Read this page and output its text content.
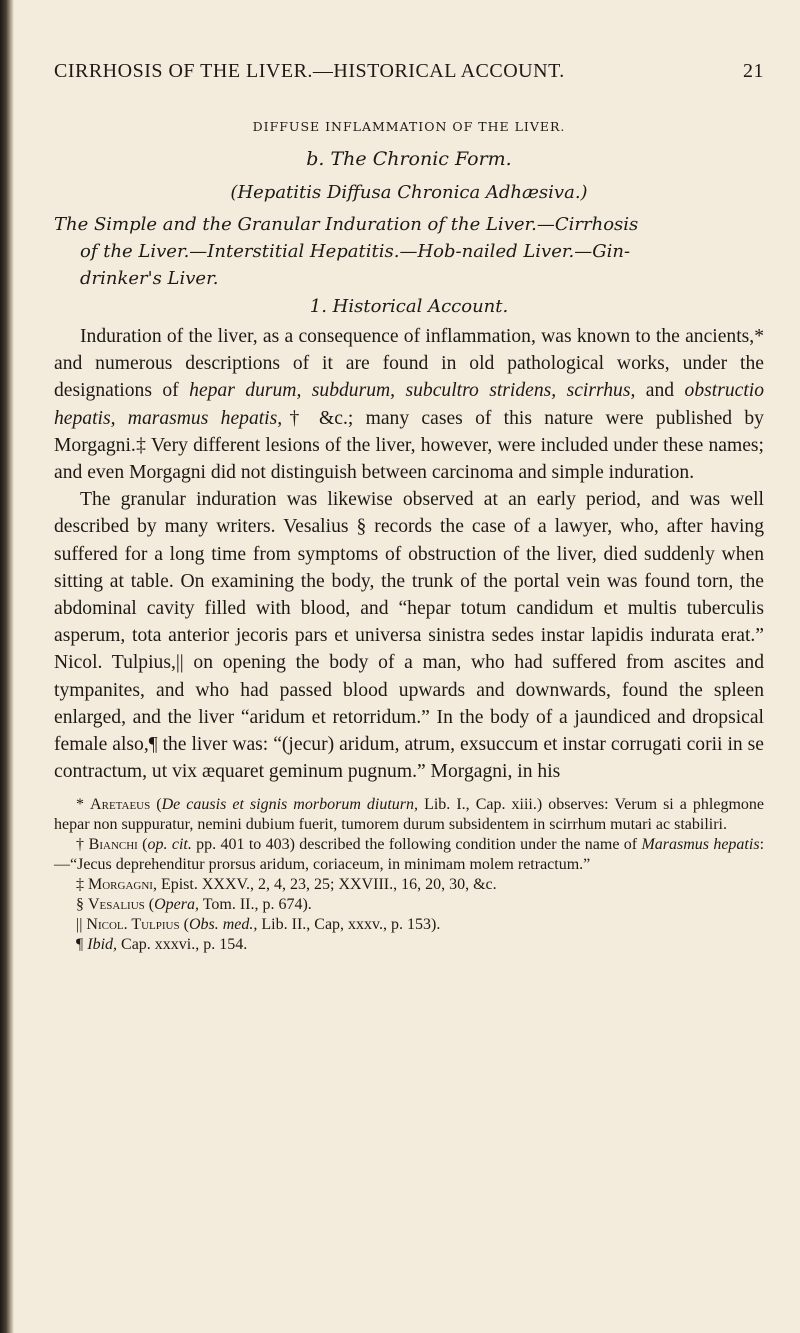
CIRRHOSIS OF THE LIVER.—HISTORICAL ACCOUNT.	21
DIFFUSE INFLAMMATION OF THE LIVER.
b. The Chronic Form.
(Hepatitis Diffusa Chronica Adhæsiva.)
The Simple and the Granular Induration of the Liver.—Cirrhosis
of the Liver.—Interstitial Hepatitis.—Hob-nailed Liver.—Gin-
drinker's Liver.
1. Historical Account.

Induration of the liver, as a consequence of inflammation, was known to the ancients,* and numerous descriptions of it are found in old pathological works, under the designations of hepar durum, subdurum, subcultro stridens, scirrhus, and obstructio hepatis, marasmus hepatis,† &c.; many cases of this nature were published by Morgagni.‡ Very different lesions of the liver, however, were included under these names; and even Morgagni did not distinguish between carcinoma and simple induration.

The granular induration was likewise observed at an early period, and was well described by many writers. Vesalius § records the case of a lawyer, who, after having suffered for a long time from symptoms of obstruction of the liver, died suddenly when sitting at table. On examining the body, the trunk of the portal vein was found torn, the abdominal cavity filled with blood, and “hepar totum candidum et multis tuberculis asperum, tota anterior jecoris pars et universa sinistra sedes instar lapidis indurata erat.” Nicol. Tulpius,|| on opening the body of a man, who had suffered from ascites and tympanites, and who had passed blood upwards and downwards, found the spleen enlarged, and the liver “aridum et retorridum.” In the body of a jaundiced and dropsical female also,¶ the liver was: “(jecur) aridum, atrum, exsuccum et instar corrugati corii in se contractum, ut vix æquaret geminum pugnum.” Morgagni, in his

* Aretaeus (De causis et signis morborum diuturn, Lib. I., Cap. xiii.) observes: Verum si a phlegmone hepar non suppuratur, nemini dubium fuerit, tumorem durum subsidentem in scirrhum mutari ac stabiliri.

† Bianchi (op. cit. pp. 401 to 403) described the following condition under the name of Marasmus hepatis:—“Jecus deprehenditur prorsus aridum, coriaceum, in minimam molem retractum.”

‡ Morgagni, Epist. XXXV., 2, 4, 23, 25; XXVIII., 16, 20, 30, &c.

§ Vesalius (Opera, Tom. II., p. 674).

|| Nicol. Tulpius (Obs. med., Lib. II., Cap, xxxv., p. 153).

¶ Ibid, Cap. xxxvi., p. 154.
